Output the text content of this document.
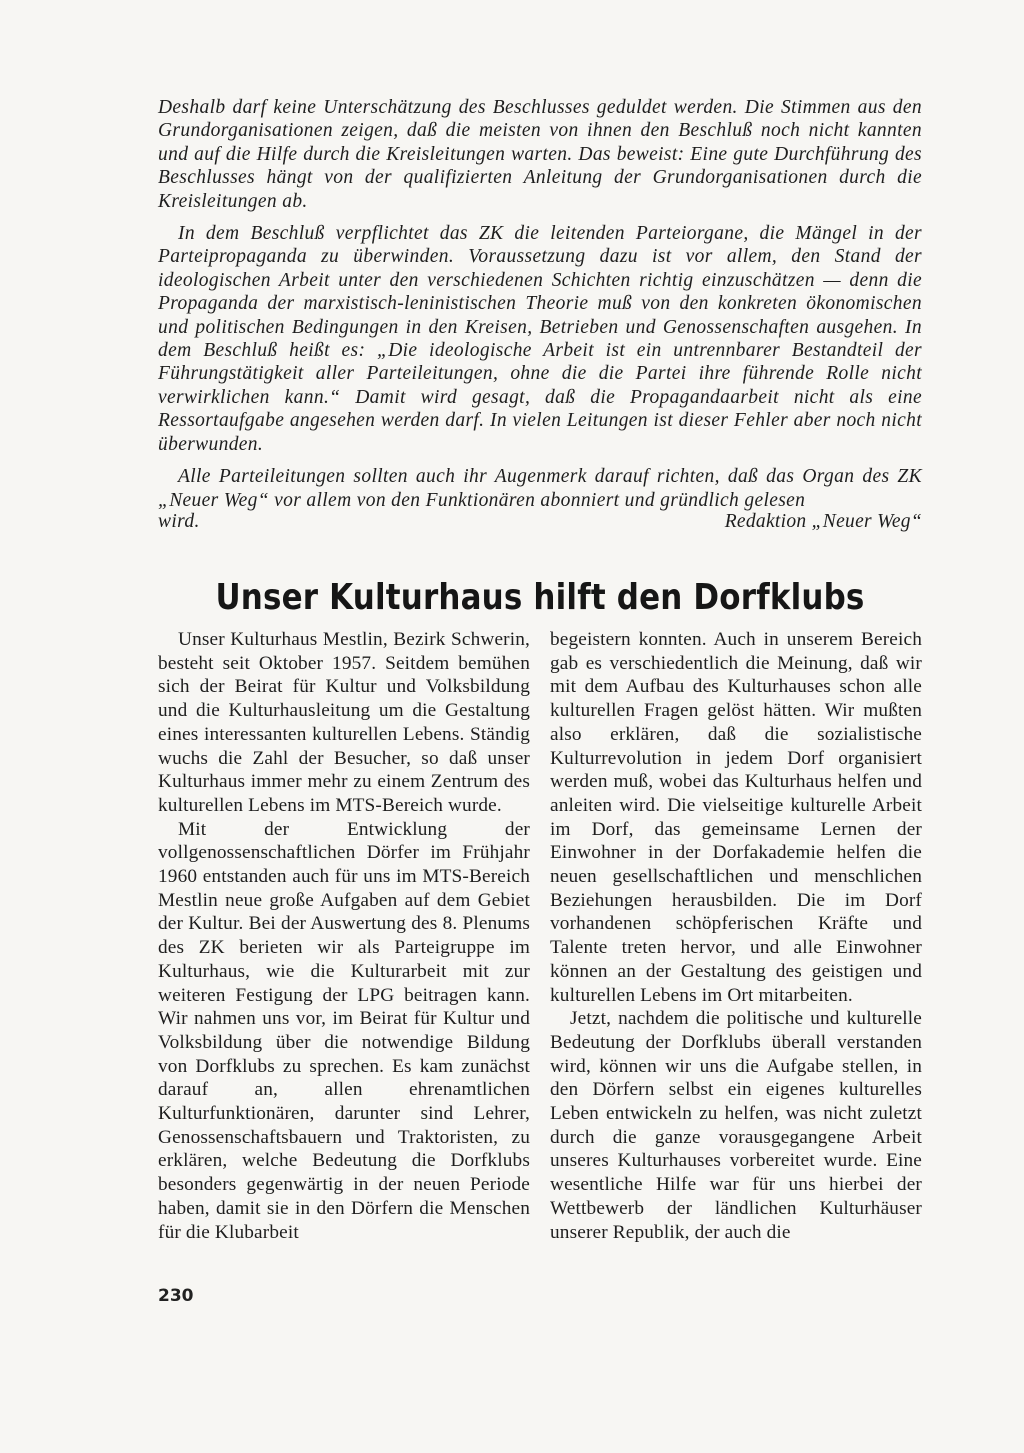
Deshalb darf keine Unterschätzung des Beschlusses geduldet werden. Die Stimmen aus den Grundorganisationen zeigen, daß die meisten von ihnen den Beschluß noch nicht kannten und auf die Hilfe durch die Kreisleitungen warten. Das beweist: Eine gute Durchführung des Beschlusses hängt von der qualifizierten Anleitung der Grundorganisationen durch die Kreisleitungen ab.

In dem Beschluß verpflichtet das ZK die leitenden Parteiorgane, die Mängel in der Parteipropaganda zu überwinden. Voraussetzung dazu ist vor allem, den Stand der ideologischen Arbeit unter den verschiedenen Schichten richtig einzuschätzen — denn die Propaganda der marxistisch-leninistischen Theorie muß von den konkreten ökonomischen und politischen Bedingungen in den Kreisen, Betrieben und Genossenschaften ausgehen. In dem Beschluß heißt es: „Die ideologische Arbeit ist ein untrennbarer Bestandteil der Führungstätigkeit aller Parteileitungen, ohne die die Partei ihre führende Rolle nicht verwirklichen kann.“ Damit wird gesagt, daß die Propagandaarbeit nicht als eine Ressortaufgabe angesehen werden darf. In vielen Leitungen ist dieser Fehler aber noch nicht überwunden.

Alle Parteileitungen sollten auch ihr Augenmerk darauf richten, daß das Organ des ZK „Neuer Weg“ vor allem von den Funktionären abonniert und gründlich gelesen

wird.	Redaktion „Neuer Weg“
Unser Kulturhaus hilft den Dorfklubs

Unser Kulturhaus Mestlin, Bezirk Schwerin, besteht seit Oktober 1957. Seitdem bemühen sich der Beirat für Kultur und Volksbildung und die Kulturhausleitung um die Gestaltung eines interessanten kulturellen Lebens. Ständig wuchs die Zahl der Besucher, so daß unser Kulturhaus immer mehr zu einem Zentrum des kulturellen Lebens im MTS-Bereich wurde.

Mit der Entwicklung der vollgenossenschaftlichen Dörfer im Frühjahr 1960 entstanden auch für uns im MTS-Bereich Mestlin neue große Aufgaben auf dem Gebiet der Kultur. Bei der Auswertung des 8. Plenums des ZK berieten wir als Parteigruppe im Kulturhaus, wie die Kulturarbeit mit zur weiteren Festigung der LPG beitragen kann. Wir nahmen uns vor, im Beirat für Kultur und Volksbildung über die notwendige Bildung von Dorfklubs zu sprechen. Es kam zunächst darauf an, allen ehrenamtlichen Kulturfunktionären, darunter sind Lehrer, Genossenschaftsbauern und Traktoristen, zu erklären, welche Bedeutung die Dorfklubs besonders gegenwärtig in der neuen Periode haben, damit sie in den Dörfern die Menschen für die Klubarbeit

begeistern konnten. Auch in unserem Bereich gab es verschiedentlich die Meinung, daß wir mit dem Aufbau des Kulturhauses schon alle kulturellen Fragen gelöst hätten. Wir mußten also erklären, daß die sozialistische Kulturrevolution in jedem Dorf organisiert werden muß, wobei das Kulturhaus helfen und anleiten wird. Die vielseitige kulturelle Arbeit im Dorf, das gemeinsame Lernen der Einwohner in der Dorfakademie helfen die neuen gesellschaftlichen und menschlichen Beziehungen herausbilden. Die im Dorf vorhandenen schöpferischen Kräfte und Talente treten hervor, und alle Einwohner können an der Gestaltung des geistigen und kulturellen Lebens im Ort mitarbeiten.

Jetzt, nachdem die politische und kulturelle Bedeutung der Dorfklubs überall verstanden wird, können wir uns die Aufgabe stellen, in den Dörfern selbst ein eigenes kulturelles Leben entwickeln zu helfen, was nicht zuletzt durch die ganze vorausgegangene Arbeit unseres Kulturhauses vorbereitet wurde. Eine wesentliche Hilfe war für uns hierbei der Wettbewerb der ländlichen Kulturhäuser unserer Republik, der auch die

230
